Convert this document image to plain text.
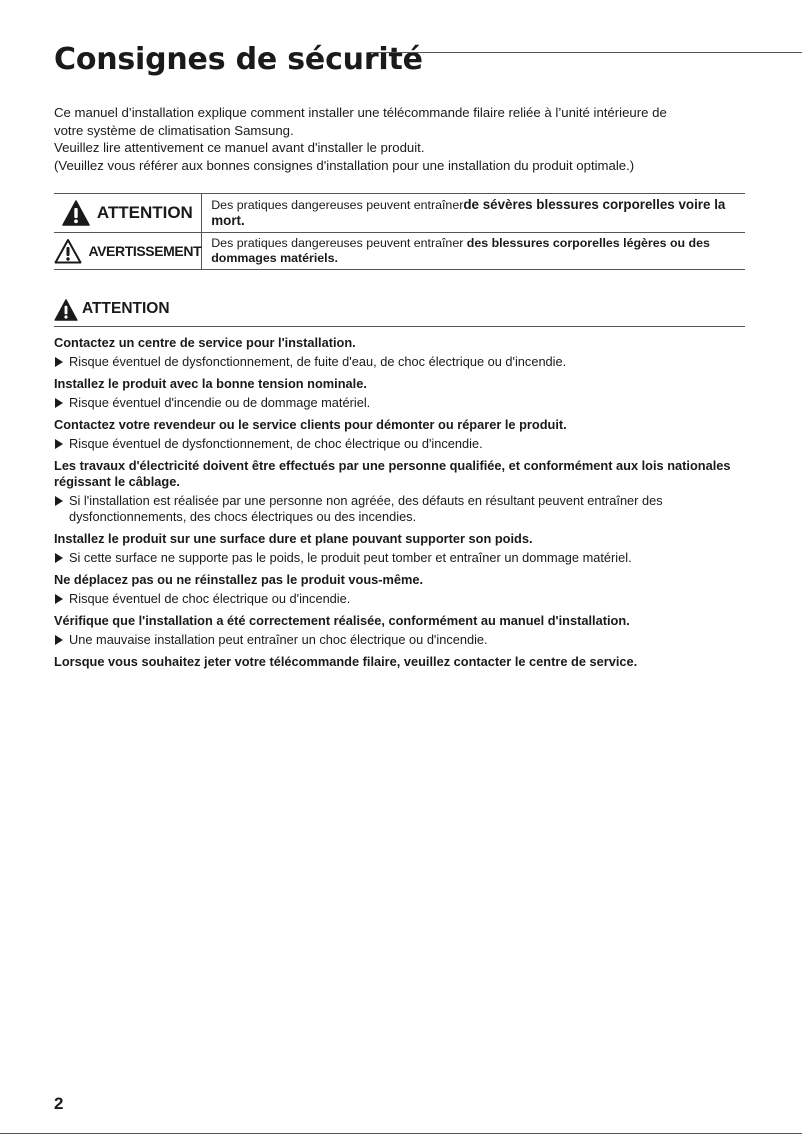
Consignes de sécurité

Ce manuel d’installation explique comment installer une télécommande filaire reliée à l’unité intérieure de

votre système de climatisation Samsung.

Veuillez lire attentivement ce manuel avant d'installer le produit.

(Veuillez vous référer aux bonnes consignes d'installation pour une installation du produit optimale.)

ATTENTION	Des pratiques dangereuses peuvent entraînerde sévères blessures corporelles voire la mort.
AVERTISSEMENT	Des pratiques dangereuses peuvent entraîner des blessures corporelles légères ou des dommages matériels.
ATTENTION

Contactez un centre de service pour l'installation.

Risque éventuel de dysfonctionnement, de fuite d'eau, de choc électrique ou d'incendie.

Installez le produit avec la bonne tension nominale.

Risque éventuel d'incendie ou de dommage matériel.

Contactez votre revendeur ou le service clients pour démonter ou réparer le produit.

Risque éventuel de dysfonctionnement, de choc électrique ou d'incendie.

Les travaux d'électricité doivent être effectués par une personne qualifiée, et conformément aux lois nationales régissant le câblage.

Si l'installation est réalisée par une personne non agréée, des défauts en résultant peuvent entraîner des dysfonctionnements, des chocs électriques ou des incendies.

Installez le produit sur une surface dure et plane pouvant supporter son poids.

Si cette surface ne supporte pas le poids, le produit peut tomber et entraîner un dommage matériel.

Ne déplacez pas ou ne réinstallez pas le produit vous-même.

Risque éventuel de choc électrique ou d'incendie.

Vérifique que l'installation a été correctement réalisée, conformément au manuel d'installation.

Une mauvaise installation peut entraîner un choc électrique ou d'incendie.

Lorsque vous souhaitez jeter votre télécommande filaire, veuillez contacter le centre de service.

2
